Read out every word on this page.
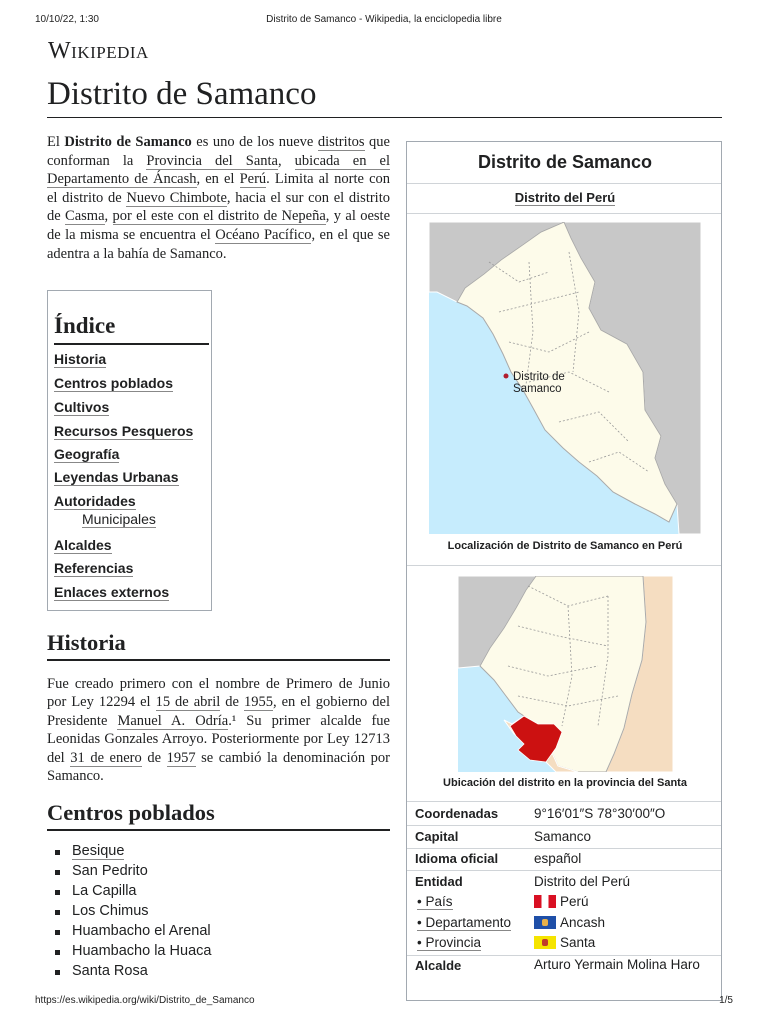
10/10/22, 1:30	Distrito de Samanco - Wikipedia, la enciclopedia libre
Wikipedia
Distrito de Samanco
El Distrito de Samanco es uno de los nueve distritos que conforman la Provincia del Santa, ubicada en el Departamento de Áncash, en el Perú. Limita al norte con el distrito de Nuevo Chimbote, hacia el sur con el distrito de Casma, por el este con el distrito de Nepeña, y al oeste de la misma se encuentra el Océano Pacífico, en el que se adentra a la bahía de Samanco.
Índice
Historia
Centros poblados
Cultivos
Recursos Pesqueros
Geografía
Leyendas Urbanas
Autoridades
Municipales
Alcaldes
Referencias
Enlaces externos
Historia
Fue creado primero con el nombre de Primero de Junio por Ley 12294 el 15 de abril de 1955, en el gobierno del Presidente Manuel A. Odría.¹ Su primer alcalde fue Leonidas Gonzales Arroyo. Posteriormente por Ley 12713 del 31 de enero de 1957 se cambió la denominación por Samanco.
Centros poblados
Besique
San Pedrito
La Capilla
Los Chimus
Huambacho el Arenal
Huambacho la Huaca
Santa Rosa
Distrito de Samanco
Distrito del Perú
Distrito de
Samanco
Localización de Distrito de Samanco en Perú
Ubicación del distrito en la provincia del Santa
Coordenadas	9°16′01″S 78°30′00″O
Capital	Samanco
Idioma oficial	español
Entidad	Distrito del Perú
• País	Perú
• Departamento	Ancash
• Provincia	Santa
Alcalde	Arturo Yermain Molina Haro
https://es.wikipedia.org/wiki/Distrito_de_Samanco	1/5
